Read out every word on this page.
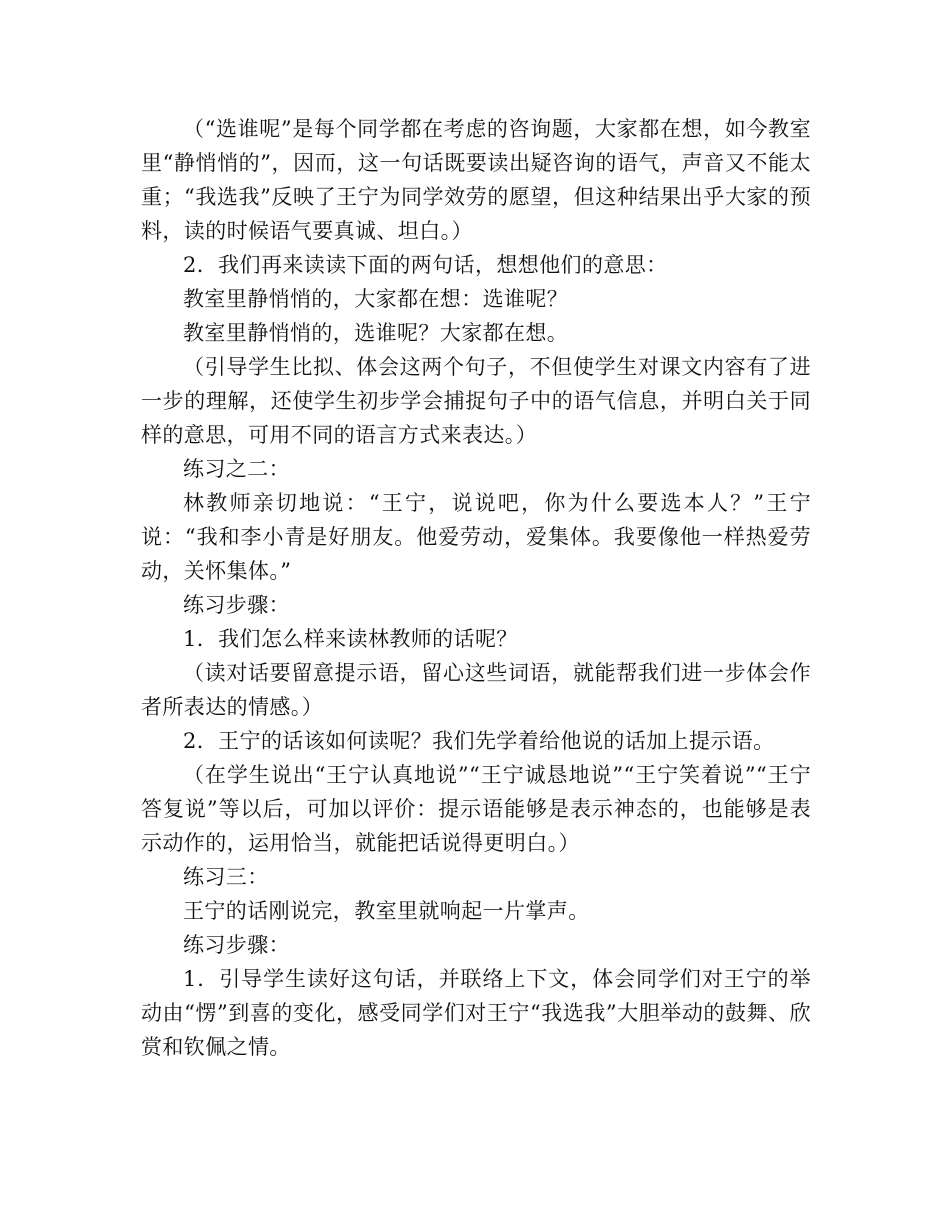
（“选谁呢”是每个同学都在考虑的咨询题，大家都在想，如今教室里“静悄悄的”，因而，这一句话既要读出疑咨询的语气，声音又不能太重；“我选我”反映了王宁为同学效劳的愿望，但这种结果出乎大家的预料，读的时候语气要真诚、坦白。）

2．我们再来读读下面的两句话，想想他们的意思：

教室里静悄悄的，大家都在想：选谁呢？

教室里静悄悄的，选谁呢？大家都在想。

（引导学生比拟、体会这两个句子，不但使学生对课文内容有了进一步的理解，还使学生初步学会捕捉句子中的语气信息，并明白关于同样的意思，可用不同的语言方式来表达。）

练习之二：

林教师亲切地说：“王宁，说说吧，你为什么要选本人？”王宁说：“我和李小青是好朋友。他爱劳动，爱集体。我要像他一样热爱劳动，关怀集体。”

练习步骤：

1．我们怎么样来读林教师的话呢？

（读对话要留意提示语，留心这些词语，就能帮我们进一步体会作者所表达的情感。）

2．王宁的话该如何读呢？我们先学着给他说的话加上提示语。

（在学生说出“王宁认真地说”“王宁诚恳地说”“王宁笑着说”“王宁答复说”等以后，可加以评价：提示语能够是表示神态的，也能够是表示动作的，运用恰当，就能把话说得更明白。）

练习三：

王宁的话刚说完，教室里就响起一片掌声。

练习步骤：

1．引导学生读好这句话，并联络上下文，体会同学们对王宁的举动由“愣”到喜的变化，感受同学们对王宁“我选我”大胆举动的鼓舞、欣赏和钦佩之情。
